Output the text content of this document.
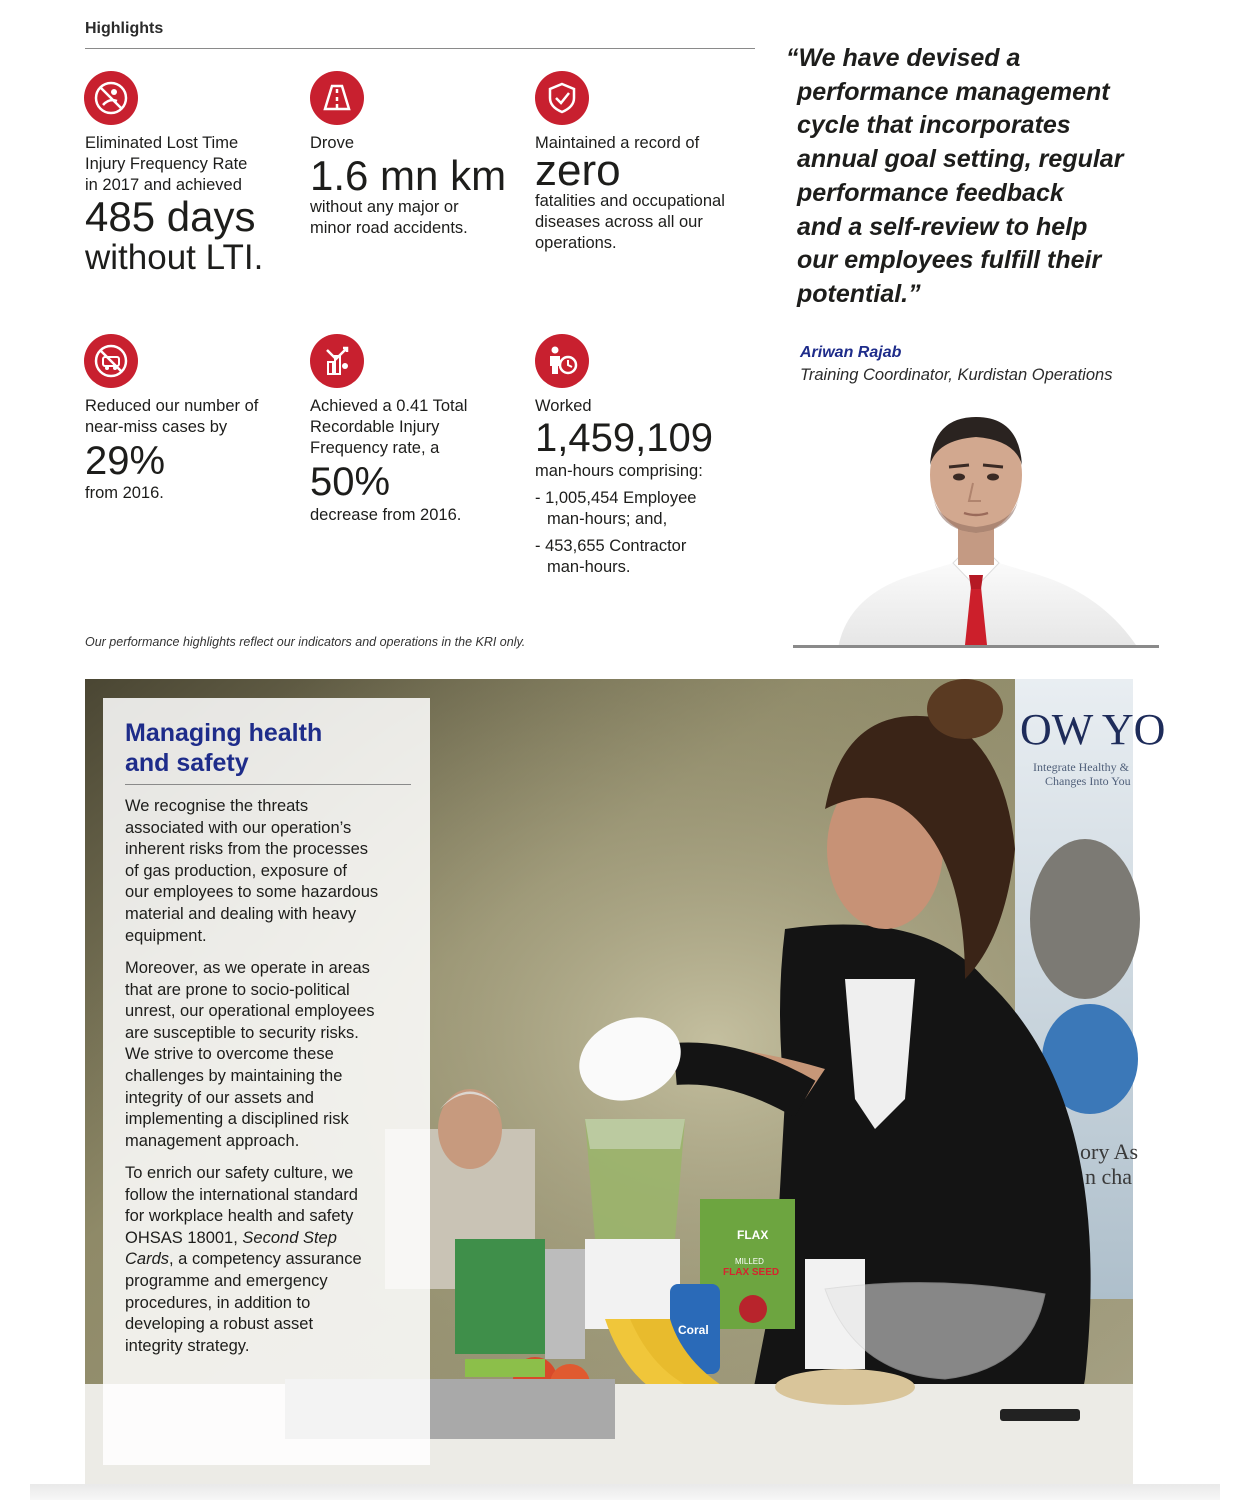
Highlights
Eliminated Lost Time
Injury Frequency Rate
in 2017 and achieved
485 days
without LTI.
Drove
1.6 mn km
without any major or
minor road accidents.
Maintained a record of
zero
fatalities and occupational
diseases across all our
operations.
Reduced our number of
near-miss cases by
29%
from 2016.
Achieved a 0.41 Total
Recordable Injury
Frequency rate, a
50%
decrease from 2016.
Worked
1,459,109
man-hours comprising:
- 1,005,454 Employee
man-hours; and,
- 453,655 Contractor
man-hours.
“We have devised a
performance management
cycle that incorporates
annual goal setting, regular
performance feedback
and a self-review to help
our employees fulfill their
potential.”
Ariwan Rajab
Training Coordinator, Kurdistan Operations
Our performance highlights reflect our indicators and operations in the KRI only.
OW YO
Integrate Healthy &
Changes Into You
ory As
n cha
FLAX
MILLED
FLAX SEED
Coral
Managing health
and safety
We recognise the threats
associated with our operation’s
inherent risks from the processes
of gas production, exposure of
our employees to some hazardous
material and dealing with heavy
equipment.
Moreover, as we operate in areas
that are prone to socio-political
unrest, our operational employees
are susceptible to security risks.
We strive to overcome these
challenges by maintaining the
integrity of our assets and
implementing a disciplined risk
management approach.
To enrich our safety culture, we
follow the international standard
for workplace health and safety
OHSAS 18001, Second Step
Cards, a competency assurance
programme and emergency
procedures, in addition to
developing a robust asset
integrity strategy.
